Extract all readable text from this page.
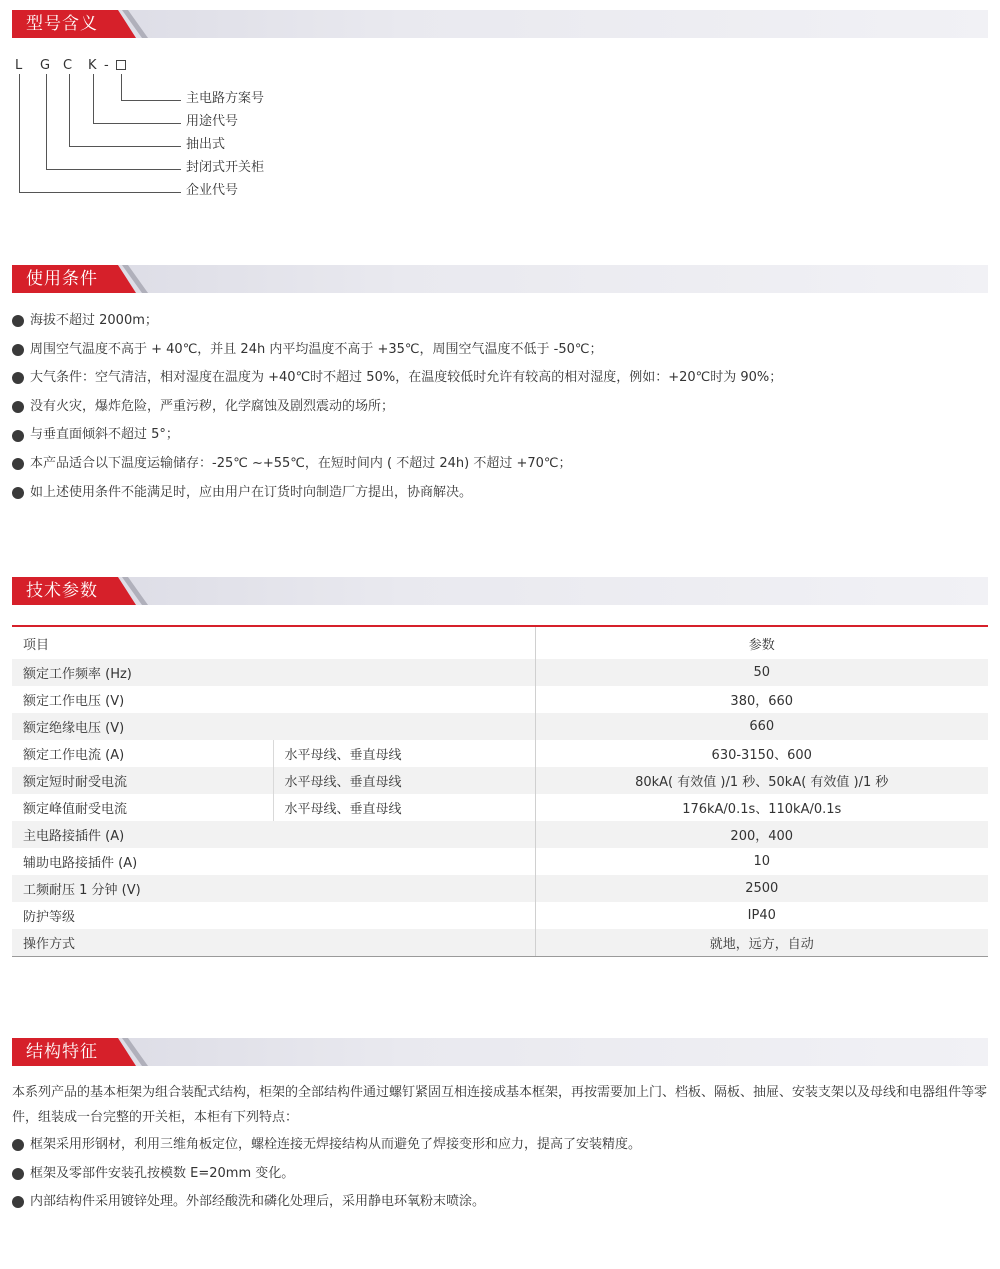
型号含义
L G C K -
主电路方案号
用途代号
抽出式
封闭式开关柜
企业代号
使用条件
海拔不超过 2000m；
周围空气温度不高于 + 40℃，并且 24h 内平均温度不高于 +35℃，周围空气温度不低于 -50℃；
大气条件：空气清洁，相对湿度在温度为 +40℃时不超过 50%，在温度较低时允许有较高的相对湿度，例如：+20℃时为 90%；
没有火灾，爆炸危险，严重污秽，化学腐蚀及剧烈震动的场所；
与垂直面倾斜不超过 5°；
本产品适合以下温度运输储存：-25℃ ~+55℃，在短时间内 ( 不超过 24h) 不超过 +70℃；
如上述使用条件不能满足时，应由用户在订货时向制造厂方提出，协商解决。
技术参数
项目		参数
额定工作频率 (Hz)		50
额定工作电压 (V)		380，660
额定绝缘电压 (V)		660
额定工作电流 (A)	水平母线、垂直母线	630-3150、600
额定短时耐受电流	水平母线、垂直母线	80kA( 有效值 )/1 秒、50kA( 有效值 )/1 秒
额定峰值耐受电流	水平母线、垂直母线	176kA/0.1s、110kA/0.1s
主电路接插件 (A)		200，400
辅助电路接插件 (A)		10
工频耐压 1 分钟 (V)		2500
防护等级		IP40
操作方式		就地，远方，自动
结构特征

本系列产品的基本柜架为组合装配式结构，柜架的全部结构件通过螺钉紧固互相连接成基本框架，再按需要加上门、档板、隔板、抽屉、安装支架以及母线和电器组件等零件，组装成一台完整的开关柜，本柜有下列特点：

框架采用形钢材，利用三维角板定位，螺栓连接无焊接结构从而避免了焊接变形和应力，提高了安装精度。
框架及零部件安装孔按模数 E=20mm 变化。
内部结构件采用镀锌处理。外部经酸洗和磷化处理后，采用静电环氧粉末喷涂。
